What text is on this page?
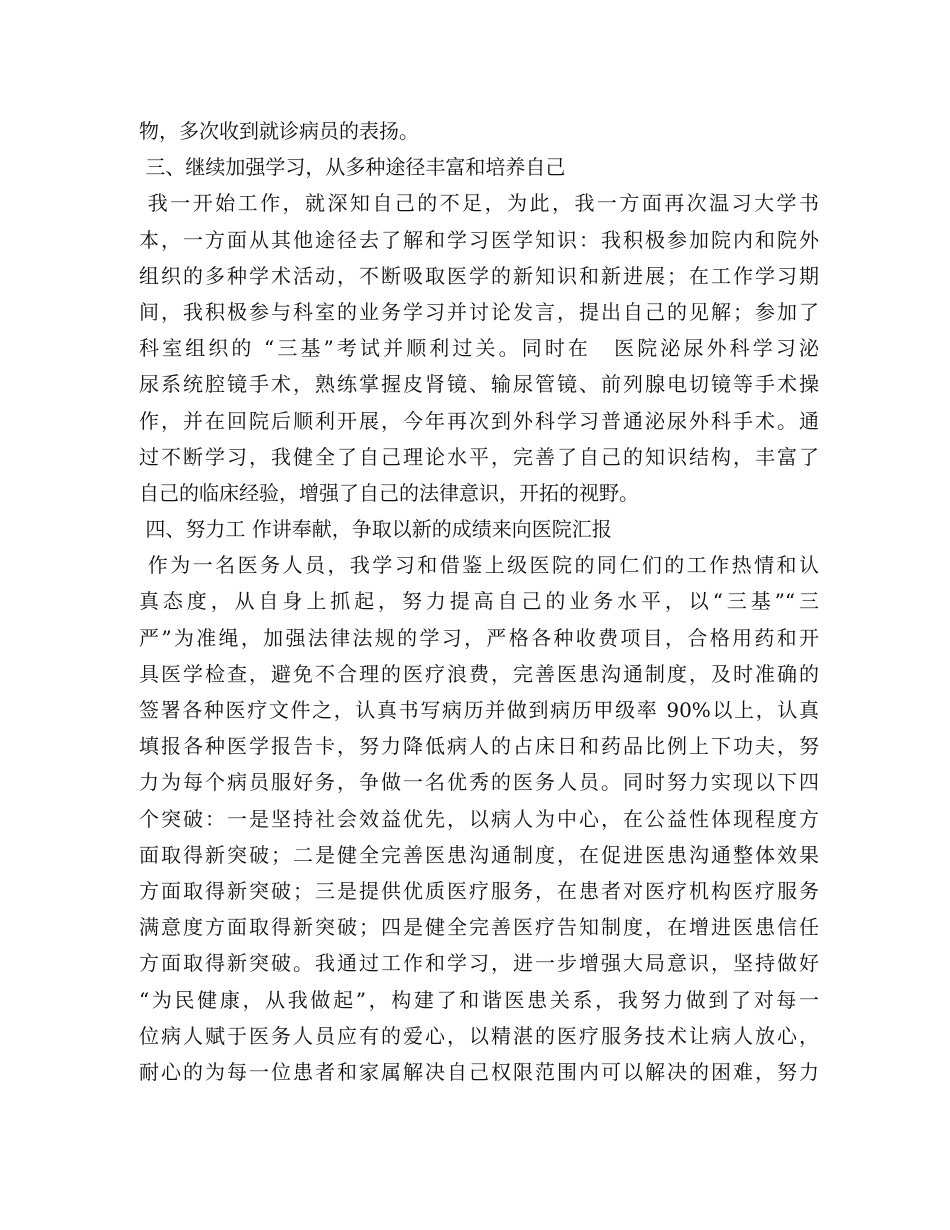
物，多次收到就诊病员的表扬。
三、继续加强学习，从多种途径丰富和培养自己
我一开始工作，就深知自己的不足，为此，我一方面再次温习大学书
本，一方面从其他途径去了解和学习医学知识：我积极参加院内和院外
组织的多种学术活动，不断吸取医学的新知识和新进展；在工作学习期
间，我积极参与科室的业务学习并讨论发言，提出自己的见解；参加了
科室组织的 “三基”考试并顺利过关。同时在　医院泌尿外科学习泌
尿系统腔镜手术，熟练掌握皮肾镜、输尿管镜、前列腺电切镜等手术操
作，并在回院后顺利开展，今年再次到外科学习普通泌尿外科手术。通
过不断学习，我健全了自己理论水平，完善了自己的知识结构，丰富了
自己的临床经验，增强了自己的法律意识，开拓的视野。
四、努力工 作讲奉献，争取以新的成绩来向医院汇报
作为一名医务人员，我学习和借鉴上级医院的同仁们的工作热情和认
真态度，从自身上抓起，努力提高自己的业务水平，以“三基”“三
严”为准绳，加强法律法规的学习，严格各种收费项目，合格用药和开
具医学检查，避免不合理的医疗浪费，完善医患沟通制度，及时准确的
签署各种医疗文件之，认真书写病历并做到病历甲级率 90%以上，认真
填报各种医学报告卡，努力降低病人的占床日和药品比例上下功夫，努
力为每个病员服好务，争做一名优秀的医务人员。同时努力实现以下四
个突破：一是坚持社会效益优先，以病人为中心，在公益性体现程度方
面取得新突破；二是健全完善医患沟通制度，在促进医患沟通整体效果
方面取得新突破；三是提供优质医疗服务，在患者对医疗机构医疗服务
满意度方面取得新突破；四是健全完善医疗告知制度，在增进医患信任
方面取得新突破。我通过工作和学习，进一步增强大局意识，坚持做好
“为民健康，从我做起”，构建了和谐医患关系，我努力做到了对每一
位病人赋于医务人员应有的爱心，以精湛的医疗服务技术让病人放心，
耐心的为每一位患者和家属解决自己权限范围内可以解决的困难，努力
